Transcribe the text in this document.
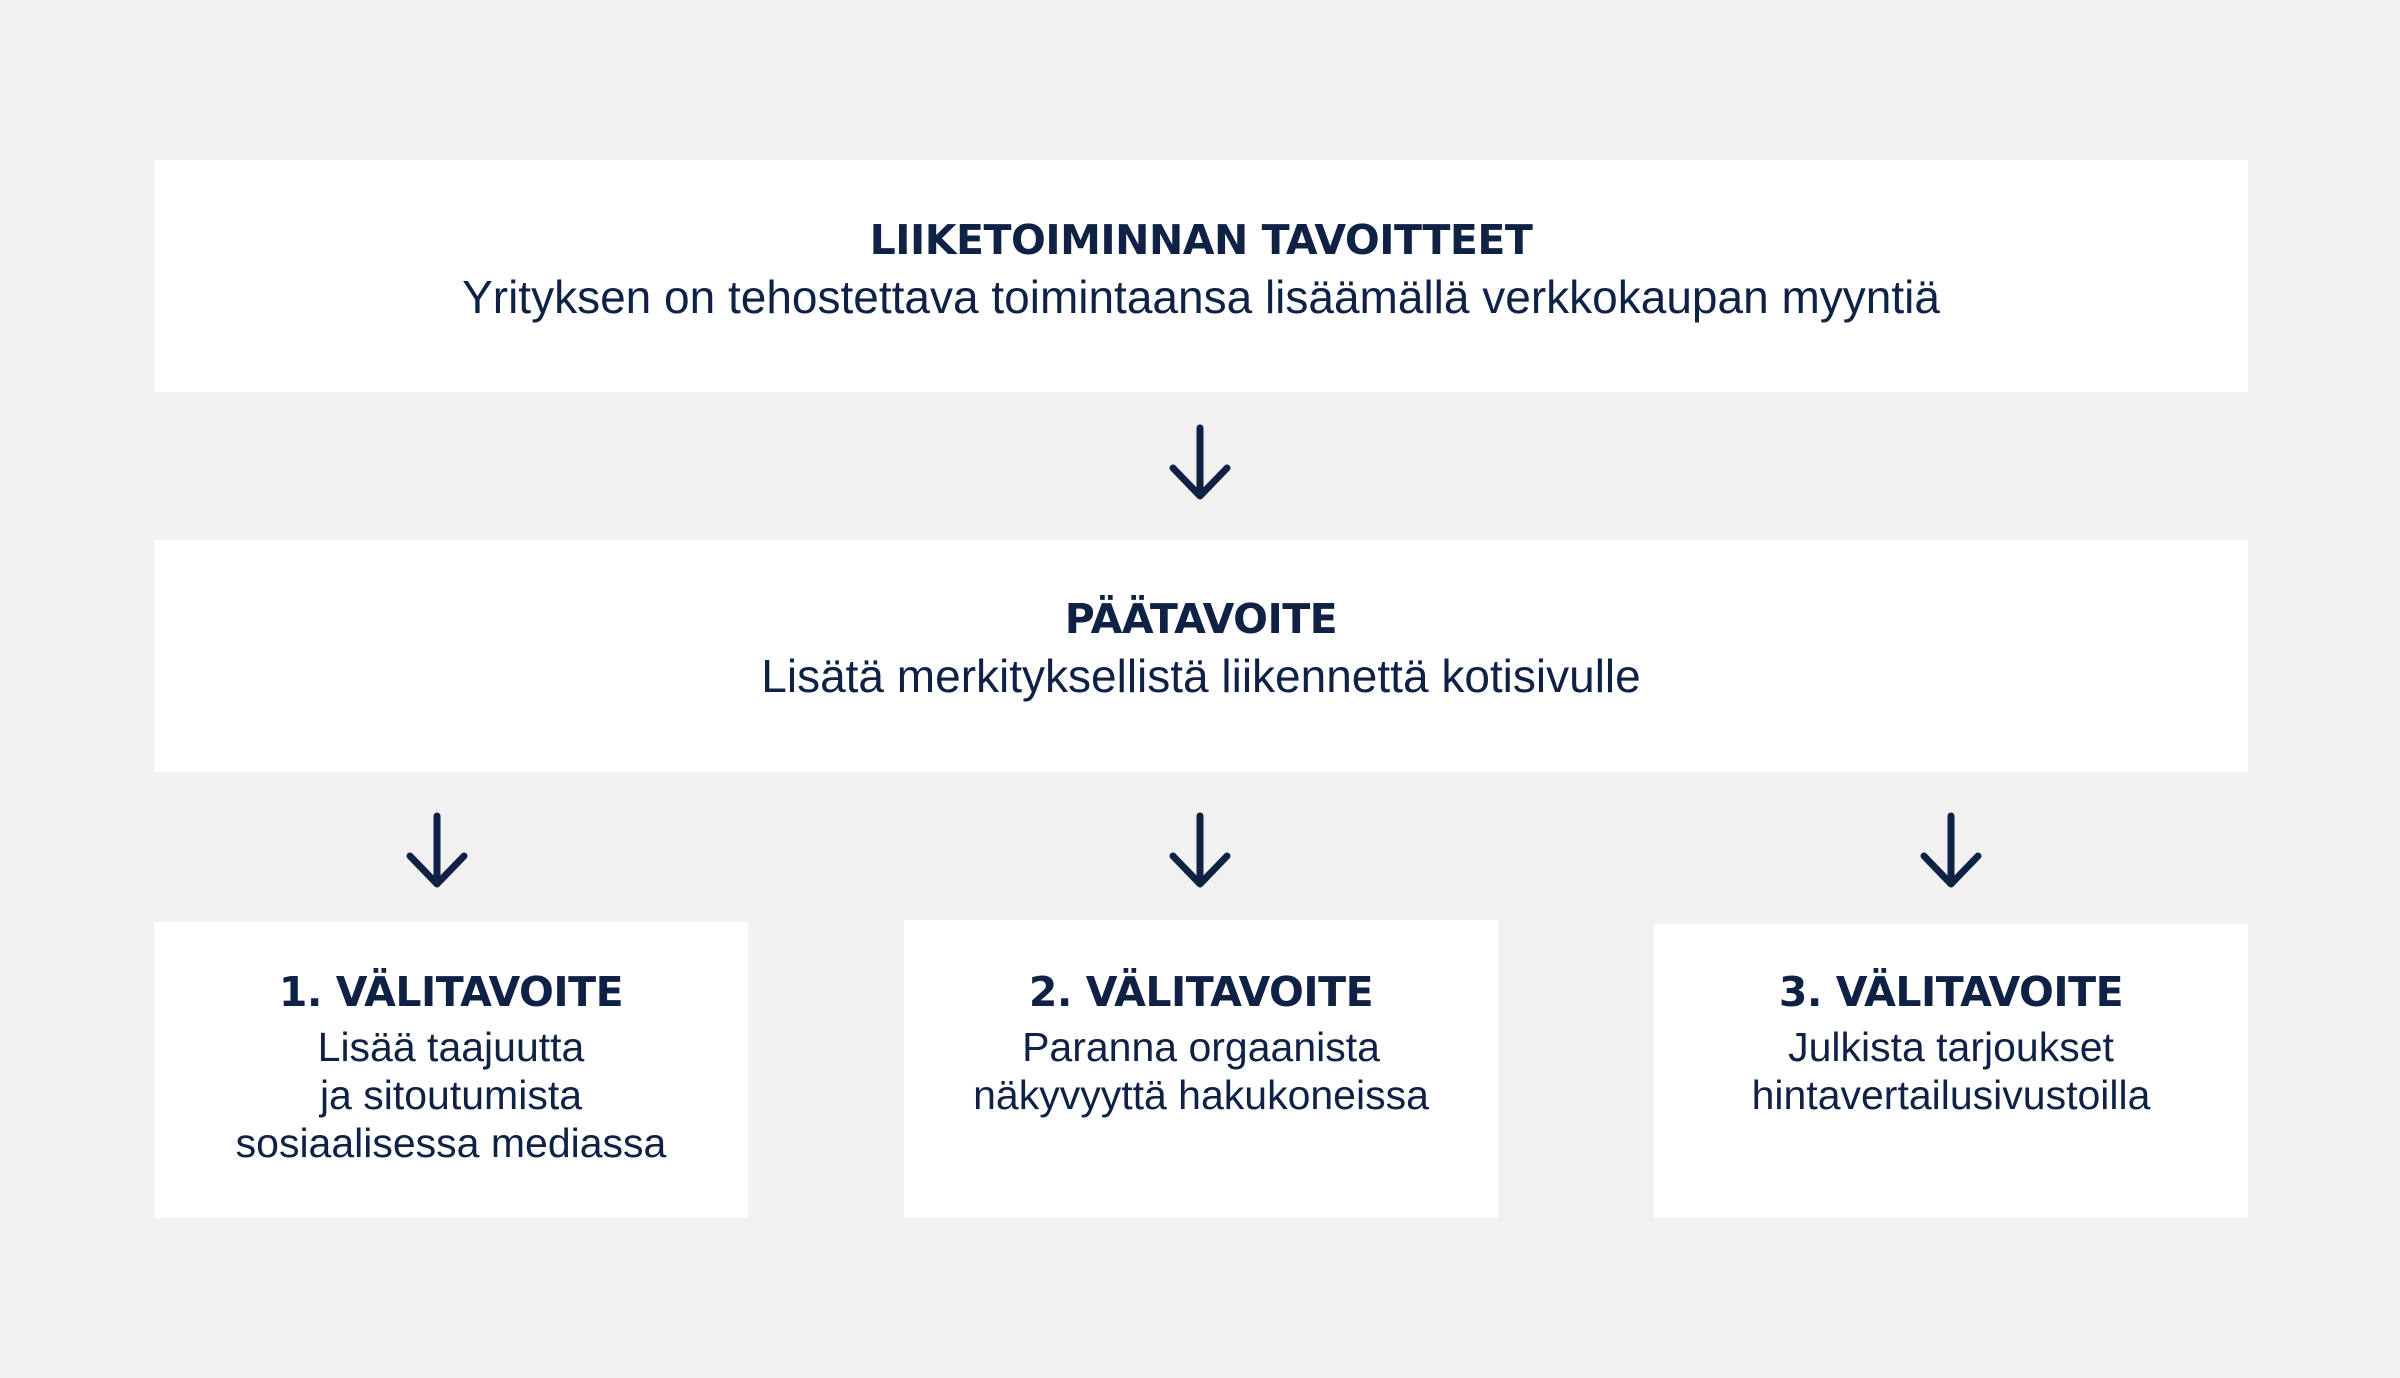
LIIKETOIMINNAN TAVOITTEET
Yrityksen on tehostettava toimintaansa lisäämällä verkkokaupan myyntiä
PÄÄTAVOITE
Lisätä merkityksellistä liikennettä kotisivulle
1. VÄLITAVOITE
Lisää taajuutta
ja sitoutumista
sosiaalisessa mediassa
2. VÄLITAVOITE
Paranna orgaanista
näkyvyyttä hakukoneissa
3. VÄLITAVOITE
Julkista tarjoukset
hintavertailusivustoilla
